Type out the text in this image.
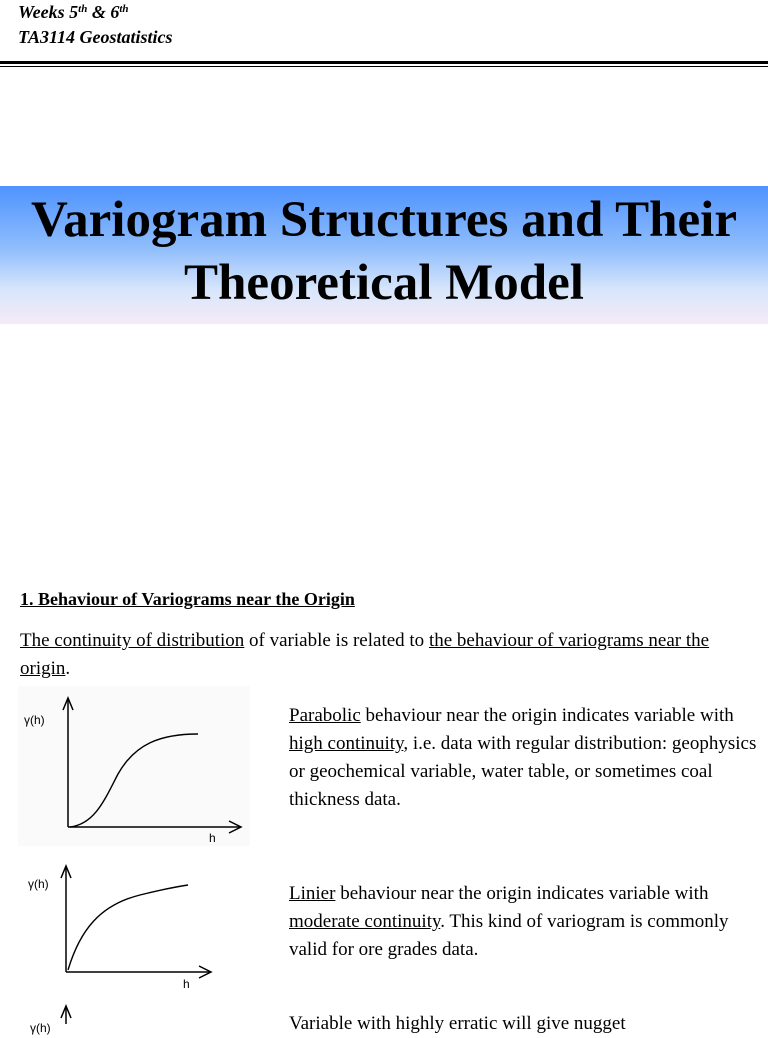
Weeks 5th & 6th
TA3114 Geostatistics
Variogram Structures and Their
Theoretical Model
1. Behaviour of Variograms near the Origin

The continuity of distribution of variable is related to the behaviour of variograms near the origin.

γ(h)
h

Parabolic behaviour near the origin indicates variable with high continuity, i.e. data with regular distribution: geophysics or geochemical variable, water table, or sometimes coal thickness data.

γ(h)
h

Linier behaviour near the origin indicates variable with moderate continuity. This kind of variogram is commonly valid for ore grades data.

γ(h)	Variable with highly erratic will give nugget
